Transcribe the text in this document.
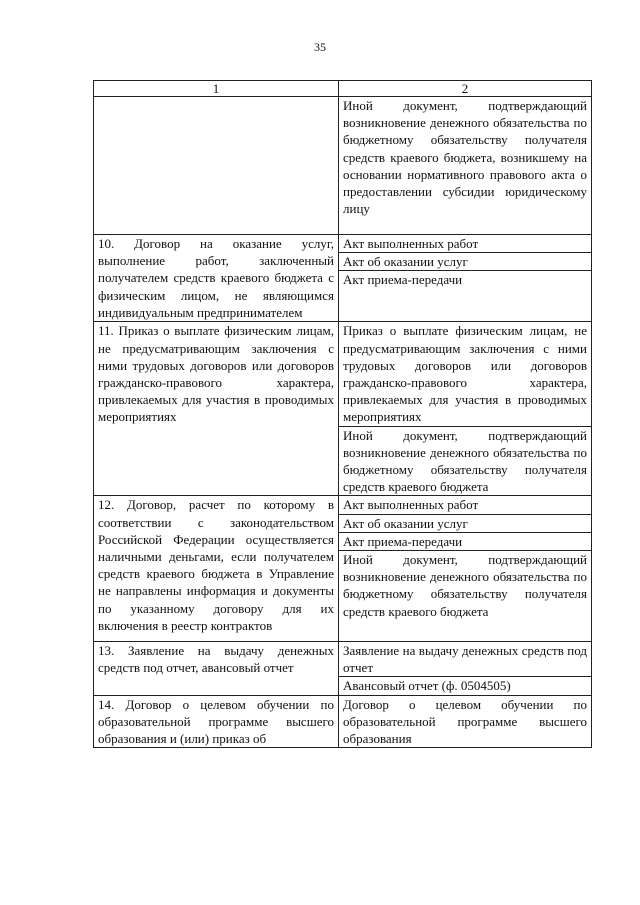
35
1	2
	Иной документ, подтверждающий возникновение денежного обязательства по бюджетному обязательству получателя средств краевого бюджета, возникшему на основании нормативного правового акта о предоставлении субсидии юридическому лицу
10. Договор на оказание услуг, выполнение работ, заключенный получателем средств краевого бюджета с физическим лицом, не являющимся индивидуальным предпринимателем	Акт выполненных работ
	Акт об оказании услуг
	Акт приема-передачи
11. Приказ о выплате физическим лицам, не предусматривающим заключения с ними трудовых договоров или договоров гражданско-правового характера, привлекаемых для участия в проводимых мероприятиях	Приказ о выплате физическим лицам, не предусматривающим заключения с ними трудовых договоров или договоров гражданско-правового характера, привлекаемых для участия в проводимых мероприятиях
	Иной документ, подтверждающий возникновение денежного обязательства по бюджетному обязательству получателя средств краевого бюджета
12. Договор, расчет по которому в соответствии с законодательством Российской Федерации осуществляется наличными деньгами, если получателем средств краевого бюджета в Управление не направлены информация и документы по указанному договору для их включения в реестр контрактов	Акт выполненных работ
	Акт об оказании услуг
	Акт приема-передачи
	Иной документ, подтверждающий возникновение денежного обязательства по бюджетному обязательству получателя средств краевого бюджета
13. Заявление на выдачу денежных средств под отчет, авансовый отчет	Заявление на выдачу денежных средств под отчет
	Авансовый отчет (ф. 0504505)
14. Договор о целевом обучении по образовательной программе высшего образования и (или) приказ об	Договор о целевом обучении по образовательной программе высшего образования
